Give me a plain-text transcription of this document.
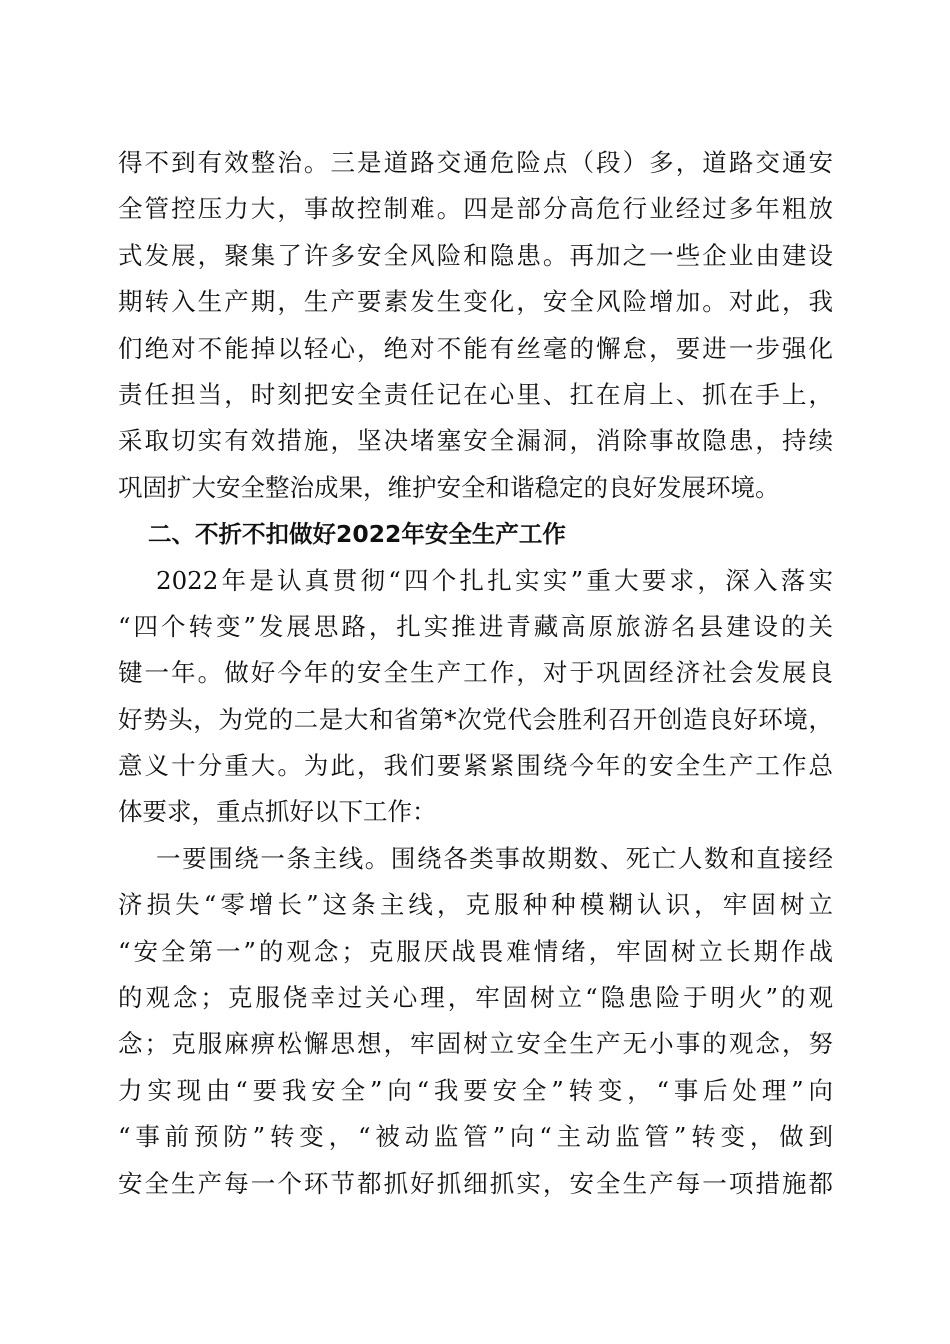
得不到有效整治。三是道路交通危险点（段）多，道路交通安
全管控压力大，事故控制难。四是部分高危行业经过多年粗放
式发展，聚集了许多安全风险和隐患。再加之一些企业由建设
期转入生产期，生产要素发生变化，安全风险增加。对此，我
们绝对不能掉以轻心，绝对不能有丝毫的懈怠，要进一步强化
责任担当，时刻把安全责任记在心里、扛在肩上、抓在手上，
采取切实有效措施，坚决堵塞安全漏洞，消除事故隐患，持续
巩固扩大安全整治成果，维护安全和谐稳定的良好发展环境。
二、不折不扣做好2022年安全生产工作
2022年是认真贯彻“四个扎扎实实”重大要求，深入落实
“四个转变”发展思路，扎实推进青藏高原旅游名县建设的关
键一年。做好今年的安全生产工作，对于巩固经济社会发展良
好势头，为党的二是大和省第*次党代会胜利召开创造良好环境，
意义十分重大。为此，我们要紧紧围绕今年的安全生产工作总
体要求，重点抓好以下工作：
一要围绕一条主线。围绕各类事故期数、死亡人数和直接经
济损失“零增长”这条主线，克服种种模糊认识，牢固树立
“安全第一”的观念；克服厌战畏难情绪，牢固树立长期作战
的观念；克服侥幸过关心理，牢固树立“隐患险于明火”的观
念；克服麻痹松懈思想，牢固树立安全生产无小事的观念，努
力实现由“要我安全”向“我要安全”转变，“事后处理”向
“事前预防”转变，“被动监管”向“主动监管”转变，做到
安全生产每一个环节都抓好抓细抓实，安全生产每一项措施都
